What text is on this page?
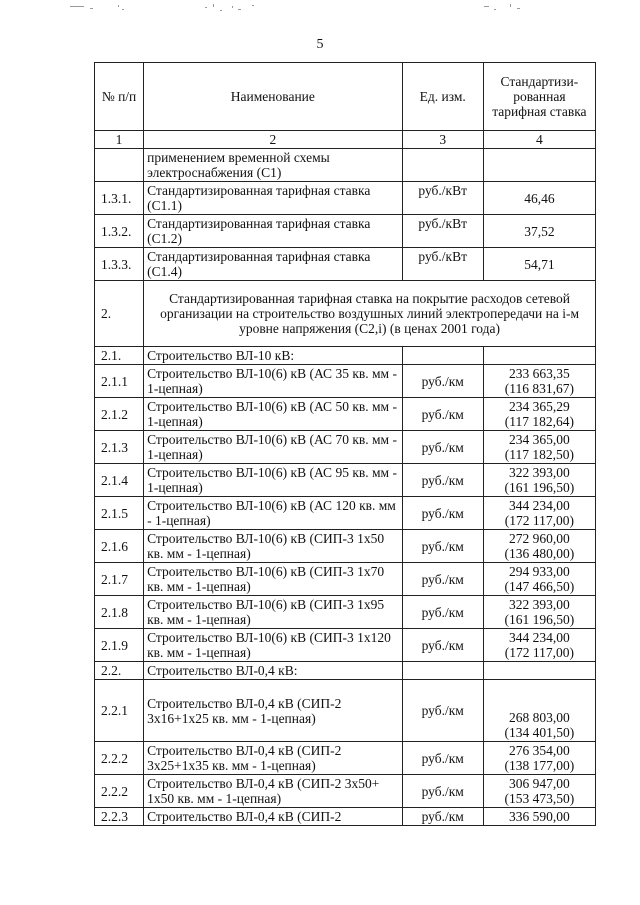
5
№ п/п	Наименование	Ед. изм.	Стандартизи-рованная тарифная ставка
1	2	3	4
	применением временной схемы электроснабжения (С1)		
1.3.1.	Стандартизированная тарифная ставка (С1.1)	руб./кВт	46,46
1.3.2.	Стандартизированная тарифная ставка (С1.2)	руб./кВт	37,52
1.3.3.	Стандартизированная тарифная ставка (С1.4)	руб./кВт	54,71
2.	Стандартизированная тарифная ставка на покрытие расходов сетевой организации на строительство воздушных линий электропередачи на i-м уровне напряжения (С2,i) (в ценах 2001 года)		
2.1.	Строительство ВЛ-10 кВ:		
2.1.1	Строительство ВЛ-10(6) кВ (АС 35 кв. мм - 1-цепная)	руб./км	233 663,35
(116 831,67)

2.1.2	Строительство ВЛ-10(6) кВ (АС 50 кв. мм - 1-цепная)	руб./км	234 365,29
(117 182,64)

2.1.3	Строительство ВЛ-10(6) кВ (АС 70 кв. мм - 1-цепная)	руб./км	234 365,00
(117 182,50)

2.1.4	Строительство ВЛ-10(6) кВ (АС 95 кв. мм - 1-цепная)	руб./км	322 393,00
(161 196,50)

2.1.5	Строительство ВЛ-10(6) кВ (АС 120 кв. мм - 1-цепная)	руб./км	344 234,00
(172 117,00)

2.1.6	Строительство ВЛ-10(6) кВ (СИП-3 1х50 кв. мм - 1-цепная)	руб./км	272 960,00
(136 480,00)

2.1.7	Строительство ВЛ-10(6) кВ (СИП-3 1х70 кв. мм - 1-цепная)	руб./км	294 933,00
(147 466,50)

2.1.8	Строительство ВЛ-10(6) кВ (СИП-3 1х95 кв. мм - 1-цепная)	руб./км	322 393,00
(161 196,50)

2.1.9	Строительство ВЛ-10(6) кВ (СИП-3 1х120 кв. мм - 1-цепная)	руб./км	344 234,00
(172 117,00)

2.2.	Строительство ВЛ-0,4 кВ:		
2.2.1	Строительство ВЛ-0,4 кВ (СИП-2 3х16+1х25 кв. мм - 1-цепная)	руб./км	268 803,00
(134 401,50)

2.2.2	Строительство ВЛ-0,4 кВ (СИП-2 3х25+1х35 кв. мм - 1-цепная)	руб./км	276 354,00
(138 177,00)

2.2.2	Строительство ВЛ-0,4 кВ (СИП-2 3х50+ 1х50 кв. мм - 1-цепная)	руб./км	306 947,00
(153 473,50)

2.2.3	Строительство ВЛ-0,4 кВ (СИП-2	руб./км	336 590,00
